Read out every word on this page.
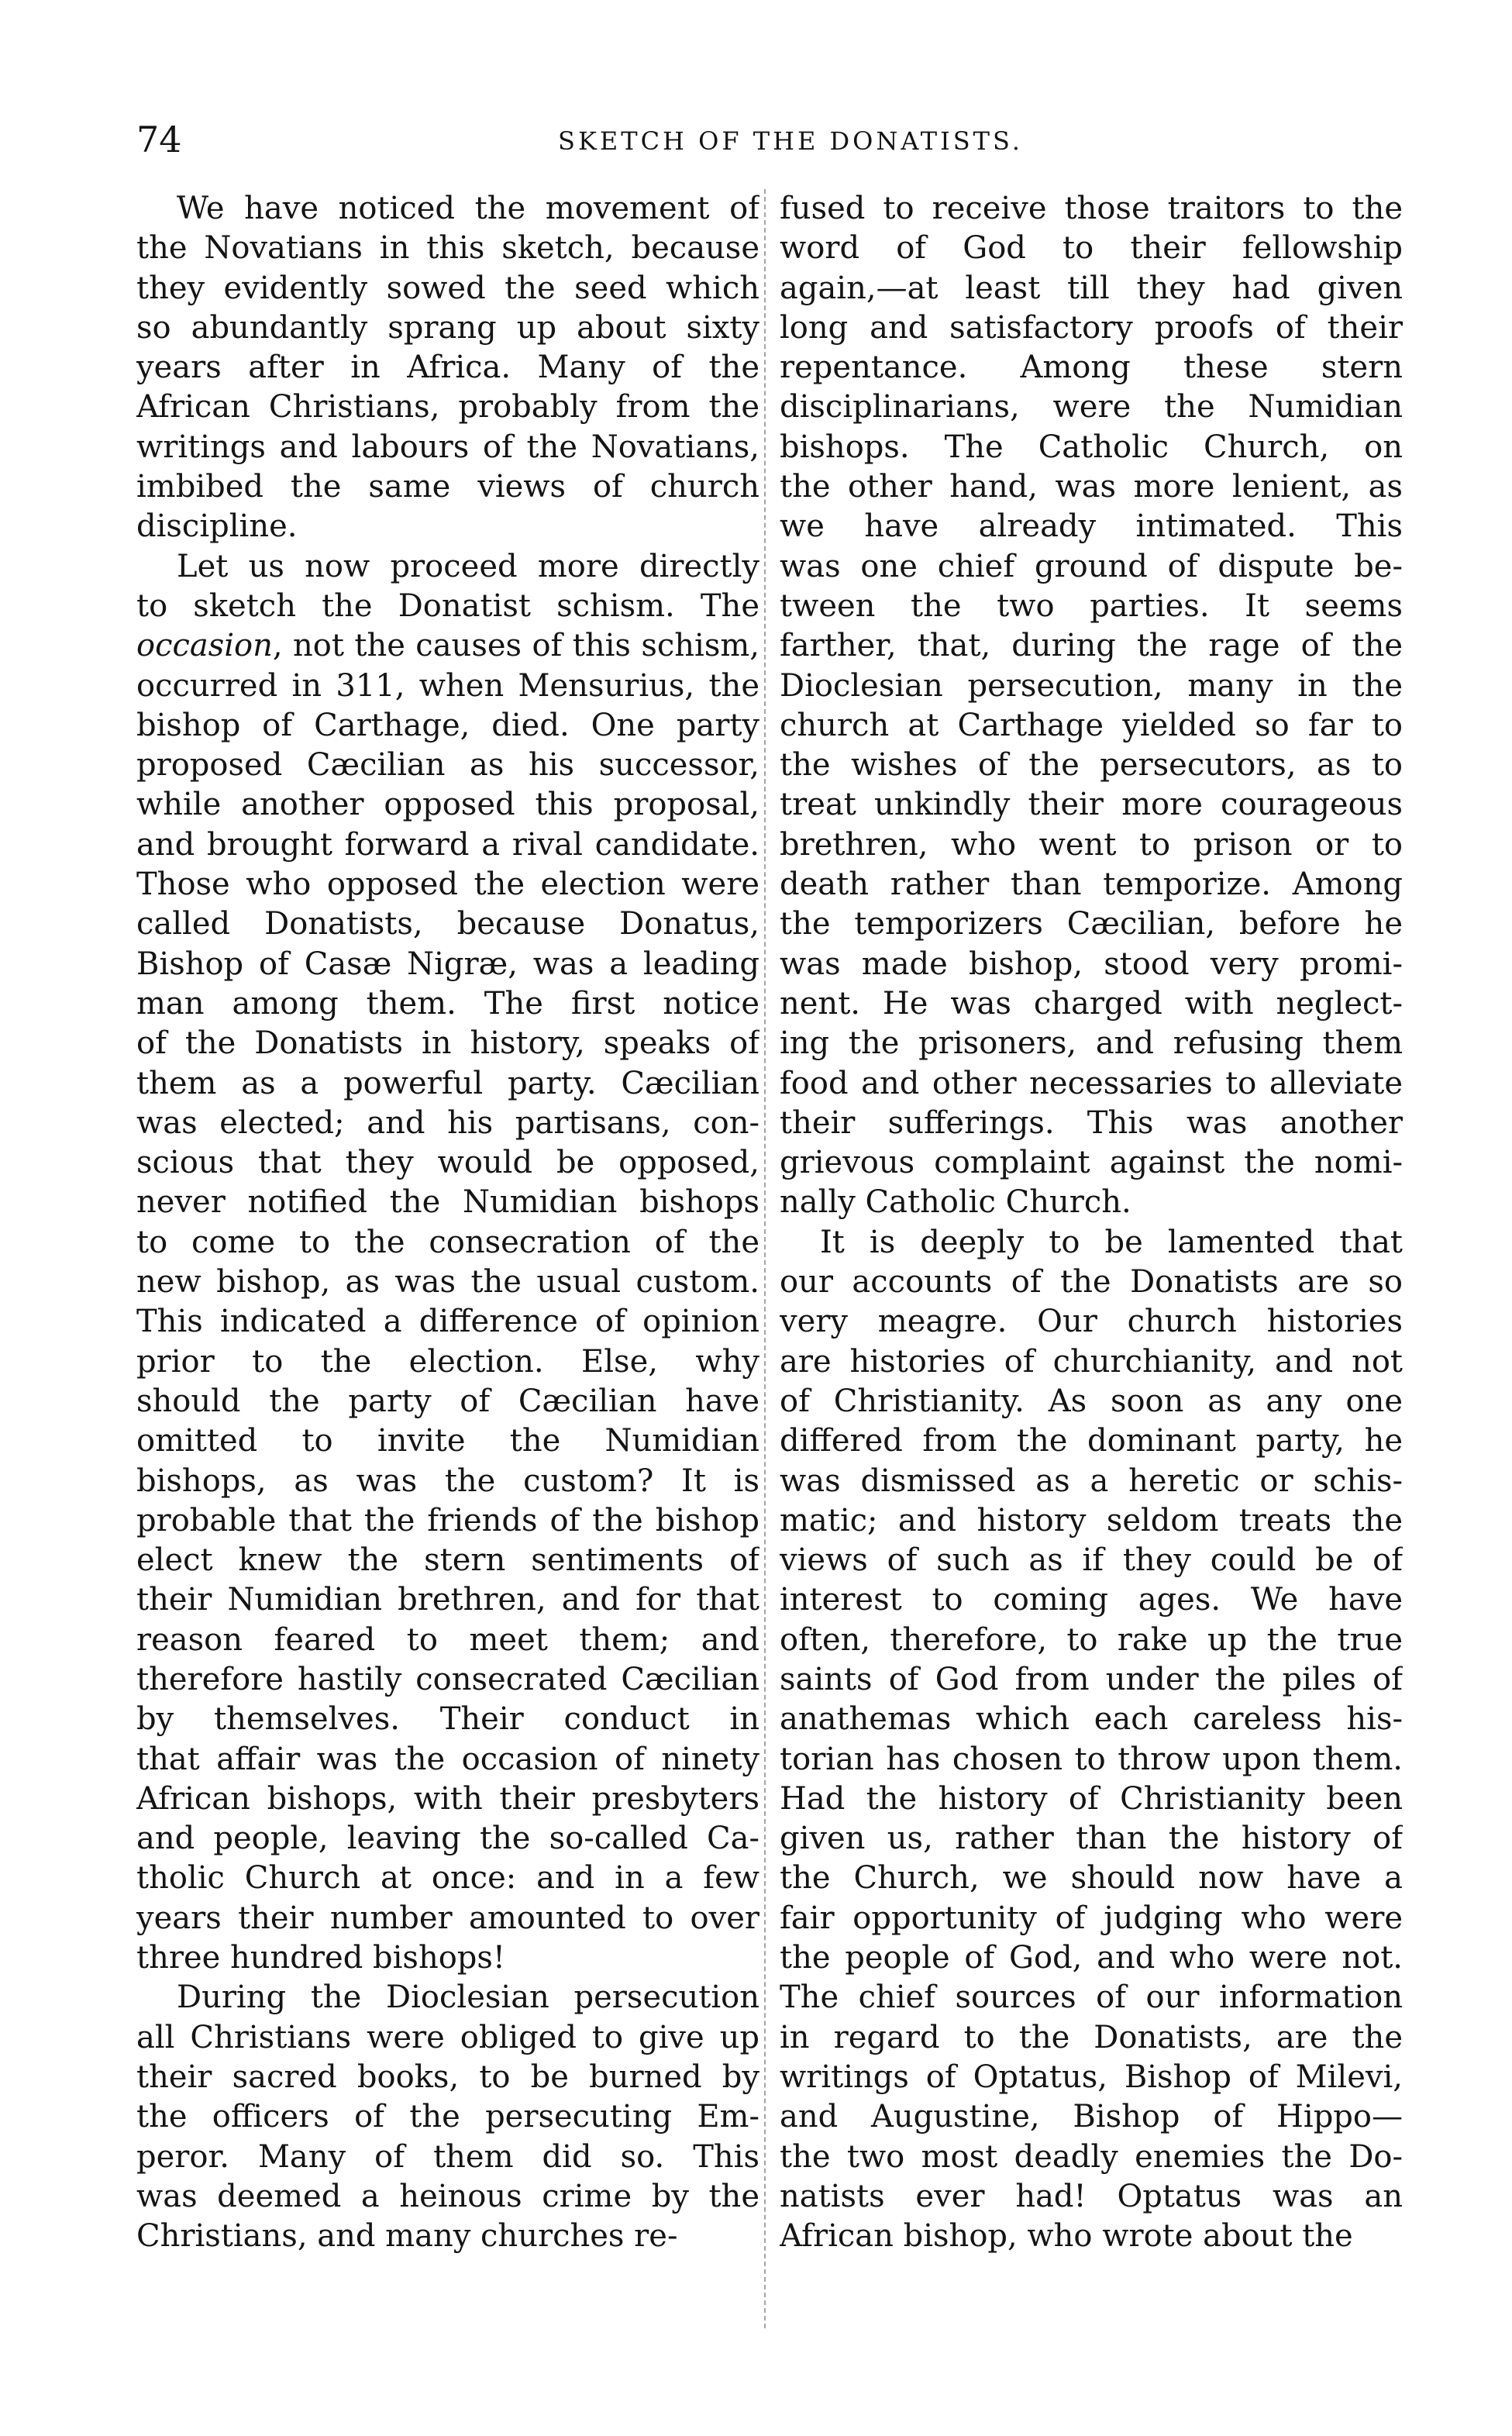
74	SKETCH OF THE DONATISTS.

We have noticed the movement of
the Novatians in this sketch, because
they evidently sowed the seed which
so abundantly sprang up about sixty
years after in Africa. Many of the
African Christians, probably from the
writings and labours of the Novatians,
imbibed the same views of church
discipline.

Let us now proceed more directly
to sketch the Donatist schism. The
occasion, not the causes of this schism,
occurred in 311, when Mensurius, the
bishop of Carthage, died. One party
proposed Cæcilian as his successor,
while another opposed this proposal,
and brought forward a rival candidate.
Those who opposed the election were
called Donatists, because Donatus,
Bishop of Casæ Nigræ, was a leading
man among them. The first notice
of the Donatists in history, speaks of
them as a powerful party. Cæcilian
was elected; and his partisans, con-
scious that they would be opposed,
never notified the Numidian bishops
to come to the consecration of the
new bishop, as was the usual custom.
This indicated a difference of opinion
prior to the election. Else, why
should the party of Cæcilian have
omitted to invite the Numidian
bishops, as was the custom? It is
probable that the friends of the bishop
elect knew the stern sentiments of
their Numidian brethren, and for that
reason feared to meet them; and
therefore hastily consecrated Cæcilian
by themselves. Their conduct in
that affair was the occasion of ninety
African bishops, with their presbyters
and people, leaving the so-called Ca-
tholic Church at once: and in a few
years their number amounted to over
three hundred bishops!

During the Dioclesian persecution
all Christians were obliged to give up
their sacred books, to be burned by
the officers of the persecuting Em-
peror. Many of them did so. This
was deemed a heinous crime by the
Christians, and many churches re-

fused to receive those traitors to the
word of God to their fellowship
again,—at least till they had given
long and satisfactory proofs of their
repentance. Among these stern
disciplinarians, were the Numidian
bishops. The Catholic Church, on
the other hand, was more lenient, as
we have already intimated. This
was one chief ground of dispute be-
tween the two parties. It seems
farther, that, during the rage of the
Dioclesian persecution, many in the
church at Carthage yielded so far to
the wishes of the persecutors, as to
treat unkindly their more courageous
brethren, who went to prison or to
death rather than temporize. Among
the temporizers Cæcilian, before he
was made bishop, stood very promi-
nent. He was charged with neglect-
ing the prisoners, and refusing them
food and other necessaries to alleviate
their sufferings. This was another
grievous complaint against the nomi-
nally Catholic Church.

It is deeply to be lamented that
our accounts of the Donatists are so
very meagre. Our church histories
are histories of churchianity, and not
of Christianity. As soon as any one
differed from the dominant party, he
was dismissed as a heretic or schis-
matic; and history seldom treats the
views of such as if they could be of
interest to coming ages. We have
often, therefore, to rake up the true
saints of God from under the piles of
anathemas which each careless his-
torian has chosen to throw upon them.
Had the history of Christianity been
given us, rather than the history of
the Church, we should now have a
fair opportunity of judging who were
the people of God, and who were not.
The chief sources of our information
in regard to the Donatists, are the
writings of Optatus, Bishop of Milevi,
and Augustine, Bishop of Hippo—
the two most deadly enemies the Do-
natists ever had! Optatus was an
African bishop, who wrote about the
